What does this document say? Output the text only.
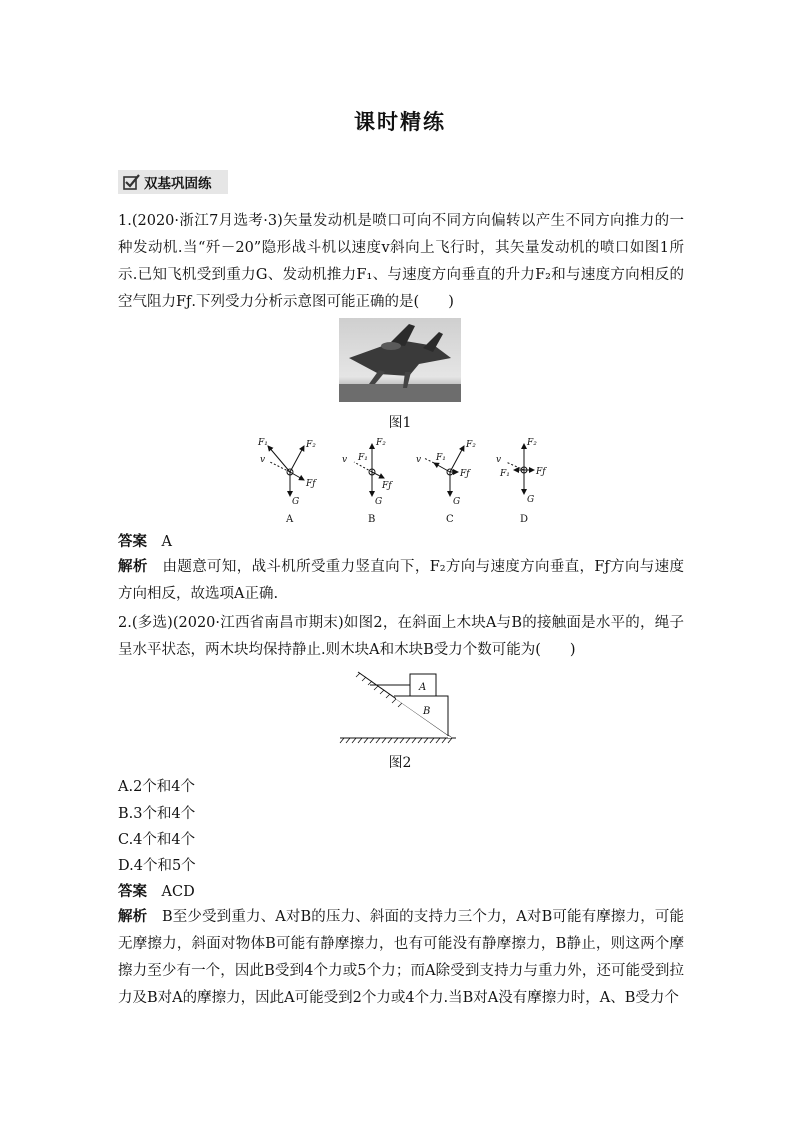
课时精练
双基巩固练
1.(2020·浙江7月选考·3)矢量发动机是喷口可向不同方向偏转以产生不同方向推力的一种发动机.当“歼－20”隐形战斗机以速度v斜向上飞行时，其矢量发动机的喷口如图1所示.已知飞机受到重力G、发动机推力F₁、与速度方向垂直的升力F₂和与速度方向相反的空气阻力Fƒ.下列受力分析示意图可能正确的是(　　)
图1
F₁	F₂
Fƒ
G
v	F₁
F₂
Fƒ
G
v	F₁
F₂
Fƒ
G
v
F₁
F₂
Fƒ
G
v
A	B	C	D
答案　 A
解析　 由题意可知，战斗机所受重力竖直向下，F₂方向与速度方向垂直，Fƒ方向与速度方向相反，故选项A正确.
2.(多选)(2020·江西省南昌市期末)如图2，在斜面上木块A与B的接触面是水平的，绳子呈水平状态，两木块均保持静止.则木块A和木块B受力个数可能为(　　)
A
B
图2
A.2个和4个
B.3个和4个
C.4个和4个
D.4个和5个
答案　 ACD
解析　 B至少受到重力、A对B的压力、斜面的支持力三个力，A对B可能有摩擦力，可能无摩擦力，斜面对物体B可能有静摩擦力，也有可能没有静摩擦力，B静止，则这两个摩擦力至少有一个，因此B受到4个力或5个力；而A除受到支持力与重力外，还可能受到拉力及B对A的摩擦力，因此A可能受到2个力或4个力.当B对A没有摩擦力时，A、B受力个
